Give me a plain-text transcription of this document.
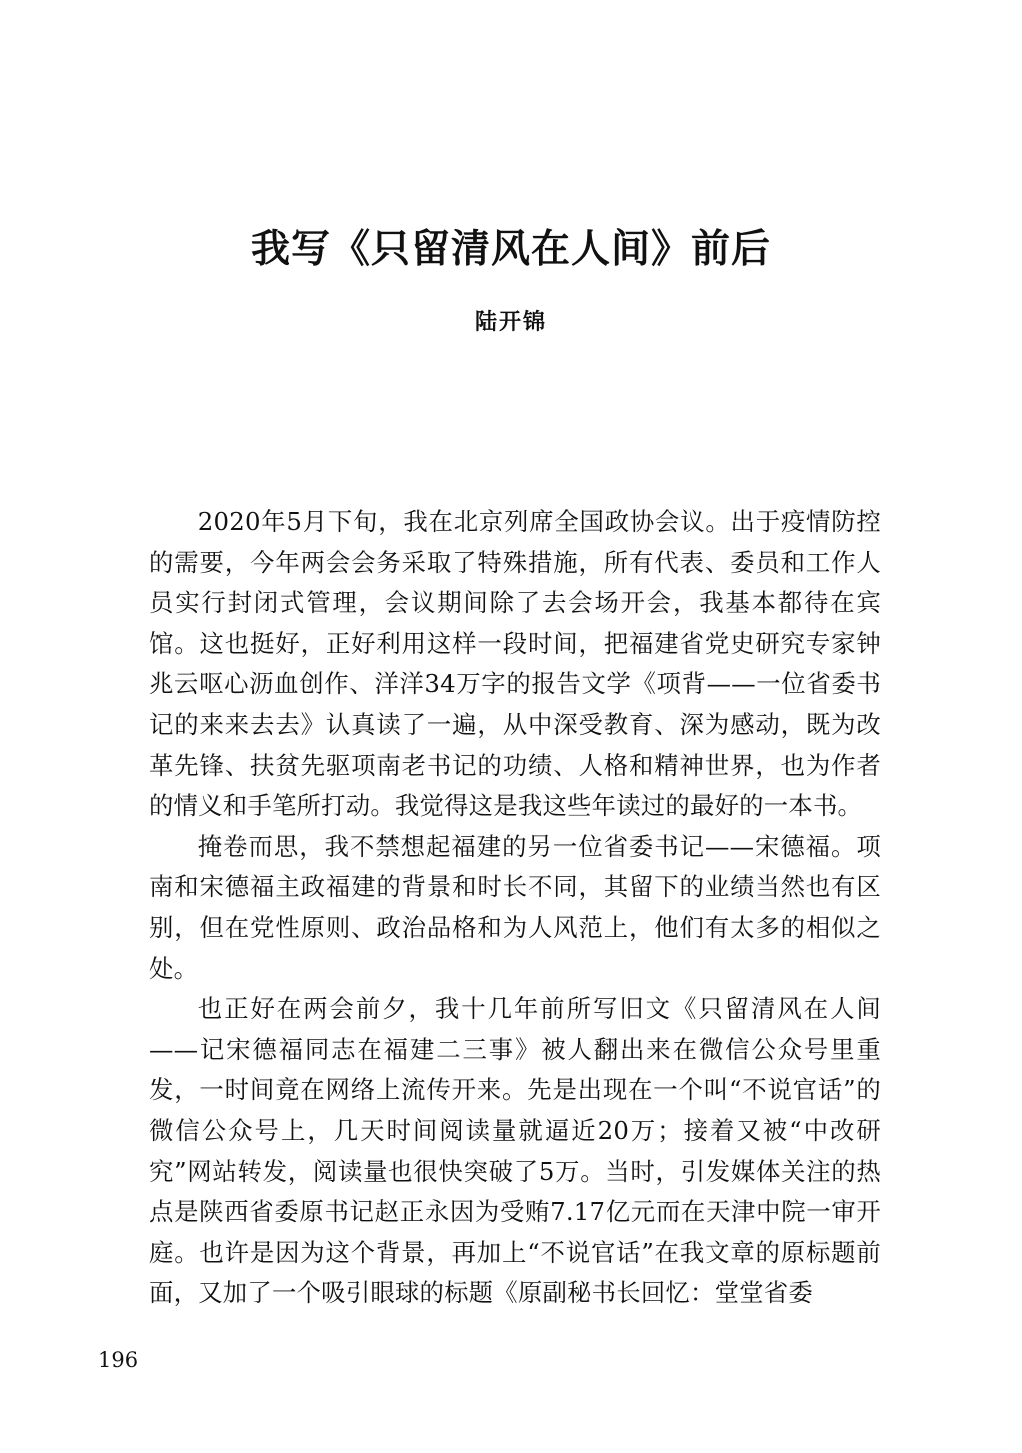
我写《只留清风在人间》前后
陆开锦

2020年5月下旬，我在北京列席全国政协会议。出于疫情防控的需要，今年两会会务采取了特殊措施，所有代表、委员和工作人员实行封闭式管理，会议期间除了去会场开会，我基本都待在宾馆。这也挺好，正好利用这样一段时间，把福建省党史研究专家钟兆云呕心沥血创作、洋洋34万字的报告文学《项背——一位省委书记的来来去去》认真读了一遍，从中深受教育、深为感动，既为改革先锋、扶贫先驱项南老书记的功绩、人格和精神世界，也为作者的情义和手笔所打动。我觉得这是我这些年读过的最好的一本书。

掩卷而思，我不禁想起福建的另一位省委书记——宋德福。项南和宋德福主政福建的背景和时长不同，其留下的业绩当然也有区别，但在党性原则、政治品格和为人风范上，他们有太多的相似之处。

也正好在两会前夕，我十几年前所写旧文《只留清风在人间——记宋德福同志在福建二三事》被人翻出来在微信公众号里重发，一时间竟在网络上流传开来。先是出现在一个叫“不说官话”的微信公众号上，几天时间阅读量就逼近20万；接着又被“中改研究”网站转发，阅读量也很快突破了5万。当时，引发媒体关注的热点是陕西省委原书记赵正永因为受贿7.17亿元而在天津中院一审开庭。也许是因为这个背景，再加上“不说官话”在我文章的原标题前面，又加了一个吸引眼球的标题《原副秘书长回忆：堂堂省委

196
